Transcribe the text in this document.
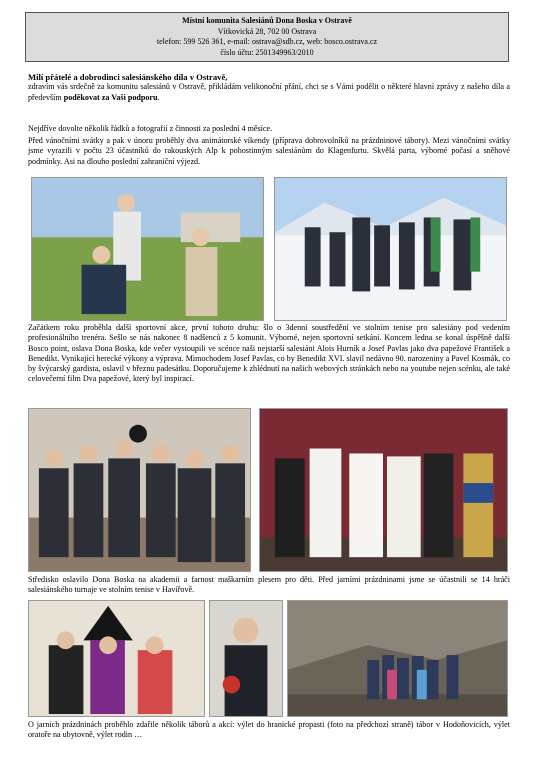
Místní komunita Salesiánů Dona Boska v Ostravě
Vítkovická 28, 702 00 Ostrava
telefon: 599 526 361, e-mail: ostrava@sdb.cz, web: bosco.ostrava.cz
číslo účtu: 2501349963/2010
Milí přátelé a dobrodinci salesiánského díla v Ostravě,
zdravím vás srdečně za komunitu salesiánů v Ostravě, přikládám velikonoční přání, chci se s Vámi podělit o některé hlavní zprávy z našeho díla a především poděkovat za Vaši podporu.
Nejdříve dovolte několik řádků a fotografií z činnosti za poslední 4 měsíce.
Před vánočními svátky a pak v únoru proběhly dva animátorské víkendy (příprava dobrovolníků na prázdninové tábory). Mezi vánočními svátky jsme vyrazili v počtu 23 účastníků do rakouských Alp k pohostinným salesiánům do Klagenfurtu. Skvělá parta, výborné počasí a sněhové podmínky. Asi na dlouho poslední zahraniční výjezd.
Začátkem roku proběhla další sportovní akce, první tohoto druhu: šlo o 3denní soustředění ve stolním tenise pro salesiány pod vedením profesionálního trenéra. Sešlo se nás nakonec 8 nadšenců z 5 komunit. Výborné, nejen sportovní setkání. Koncem ledna se konal úspěšně další Bosco point, oslava Dona Boska, kde večer vystoupili ve scénce naši nejstarší salesiáni Alois Hurník a Josef Pavlas jako dva papežové František a Benedikt. Vynikající herecké výkony a výprava. Mimochodem Josef Pavlas, co by Benedikt XVI. slavil nedávno 90. narozeniny a Pavel Kosmák, co by švýcarský gardista, oslavil v březnu padesátku. Doporučujeme k zhlédnutí na našich webových stránkách nebo na youtube nejen scénku, ale také celovečerní film Dva papežové, který byl inspirací.
Středisko oslavilo Dona Boska na akademii a farnost maškarním plesem pro děti. Před jarními prázdninami jsme se účastnili se 14 hráči salesiánského turnaje ve stolním tenise v Havířově.
O jarních prázdninách proběhlo zdařile několik táborů a akcí: výlet do hranické propasti (foto na předchozí straně) tábor v Hodoňovicích, výlet oratoře na ubytovně, výlet rodin …
